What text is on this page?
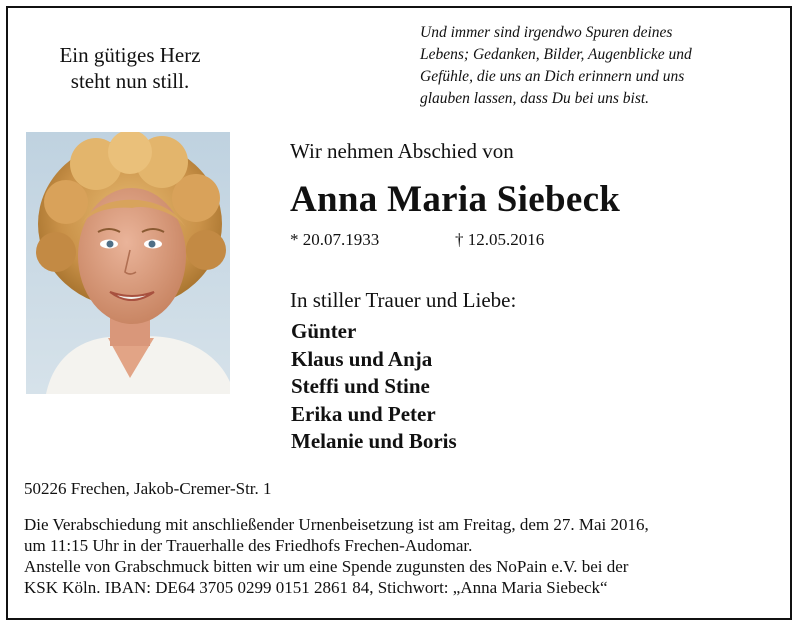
Ein gütiges Herz
steht nun still.
Und immer sind irgendwo Spuren deines
Lebens; Gedanken, Bilder, Augenblicke und
Gefühle, die uns an Dich erinnern und uns
glauben lassen, dass Du bei uns bist.
Wir nehmen Abschied von
Anna Maria Siebeck
* 20.07.1933	† 12.05.2016
In stiller Trauer und Liebe:
Günter
Klaus und Anja
Steffi und Stine
Erika und Peter
Melanie und Boris
50226 Frechen, Jakob-Cremer-Str. 1
Die Verabschiedung mit anschließender Urnenbeisetzung ist am Freitag, dem 27. Mai 2016,
um 11:15 Uhr in der Trauerhalle des Friedhofs Frechen-Audomar.
Anstelle von Grabschmuck bitten wir um eine Spende zugunsten des NoPain e.V. bei der
KSK Köln. IBAN: DE64 3705 0299 0151 2861 84, Stichwort: „Anna Maria Siebeck“
